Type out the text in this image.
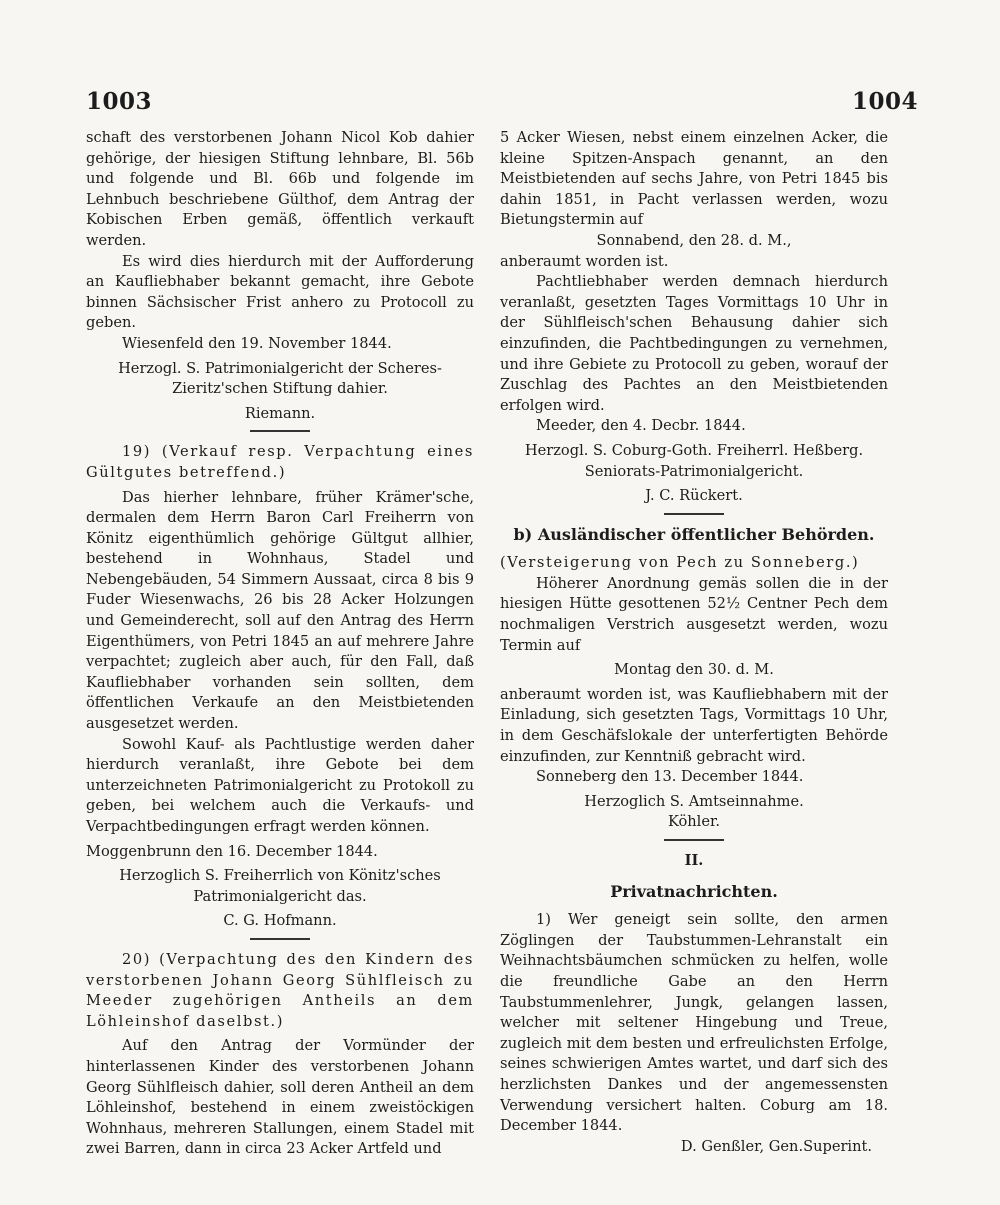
1003	1004

schaft des verstorbenen Johann Nicol Kob dahier gehörige, der hiesigen Stiftung lehnbare, Bl. 56b und folgende und Bl. 66b und folgende im Lehnbuch beschriebene Gülthof, dem Antrag der Kobischen Erben gemäß, öffentlich verkauft werden.

Es wird dies hierdurch mit der Aufforderung an Kaufliebhaber bekannt gemacht, ihre Gebote binnen Sächsischer Frist anhero zu Protocoll zu geben.

Wiesenfeld den 19. November 1844.

Herzogl. S. Patrimonialgericht der Scheres-

Zieritz'schen Stiftung dahier.

Riemann.

19) (Verkauf resp. Verpachtung eines Gültgutes betreffend.)

Das hierher lehnbare, früher Krämer'sche, dermalen dem Herrn Baron Carl Freiherrn von Könitz eigenthümlich gehörige Gültgut allhier, bestehend in Wohnhaus, Stadel und Nebengebäuden, 54 Simmern Aussaat, circa 8 bis 9 Fuder Wiesenwachs, 26 bis 28 Acker Holzungen und Gemeinderecht, soll auf den Antrag des Herrn Eigenthümers, von Petri 1845 an auf mehrere Jahre verpachtet; zugleich aber auch, für den Fall, daß Kaufliebhaber vorhanden sein sollten, dem öffentlichen Verkaufe an den Meistbietenden ausgesetzet werden.

Sowohl Kauf- als Pachtlustige werden daher hierdurch veranlaßt, ihre Gebote bei dem unterzeichneten Patrimonialgericht zu Protokoll zu geben, bei welchem auch die Verkaufs- und Verpachtbedingungen erfragt werden können.

Moggenbrunn den 16. December 1844.

Herzoglich S. Freiherrlich von Könitz'sches

Patrimonialgericht das.

C. G. Hofmann.

20) (Verpachtung des den Kindern des verstorbenen Johann Georg Sühlfleisch zu Meeder zugehörigen Antheils an dem Löhleinshof daselbst.)

Auf den Antrag der Vormünder der hinterlassenen Kinder des verstorbenen Johann Georg Sühlfleisch dahier, soll deren Antheil an dem Löhleinshof, bestehend in einem zweistöckigen Wohnhaus, mehreren Stallungen, einem Stadel mit zwei Barren, dann in circa 23 Acker Artfeld und

5 Acker Wiesen, nebst einem einzelnen Acker, die kleine Spitzen-Anspach genannt, an den Meistbietenden auf sechs Jahre, von Petri 1845 bis dahin 1851, in Pacht verlassen werden, wozu Bietungstermin auf

Sonnabend, den 28. d. M.,

anberaumt worden ist.

Pachtliebhaber werden demnach hierdurch veranlaßt, gesetzten Tages Vormittags 10 Uhr in der Sühlfleisch'schen Behausung dahier sich einzufinden, die Pachtbedingungen zu vernehmen, und ihre Gebiete zu Protocoll zu geben, worauf der Zuschlag des Pachtes an den Meistbietenden erfolgen wird.

Meeder, den 4. Decbr. 1844.

Herzogl. S. Coburg-Goth. Freiherrl. Heßberg.

Seniorats-Patrimonialgericht.

J. C. Rückert.

b) Ausländischer öffentlicher Behörden.

(Versteigerung von Pech zu Sonneberg.)

Höherer Anordnung gemäs sollen die in der hiesigen Hütte gesottenen 52½ Centner Pech dem nochmaligen Verstrich ausgesetzt werden, wozu Termin auf

Montag den 30. d. M.

anberaumt worden ist, was Kaufliebhabern mit der Einladung, sich gesetzten Tags, Vormittags 10 Uhr, in dem Geschäfslokale der unterfertigten Behörde einzufinden, zur Kenntniß gebracht wird.

Sonneberg den 13. December 1844.

Herzoglich S. Amtseinnahme.

Köhler.

II.

Privatnachrichten.

1) Wer geneigt sein sollte, den armen Zöglingen der Taubstummen-Lehranstalt ein Weihnachtsbäumchen schmücken zu helfen, wolle die freundliche Gabe an den Herrn Taubstummenlehrer, Jungk, gelangen lassen, welcher mit seltener Hingebung und Treue, zugleich mit dem besten und erfreulichsten Erfolge, seines schwierigen Amtes wartet, und darf sich des herzlichsten Dankes und der angemessensten Verwendung versichert halten. Coburg am 18. December 1844.

D. Genßler, Gen.Superint.
